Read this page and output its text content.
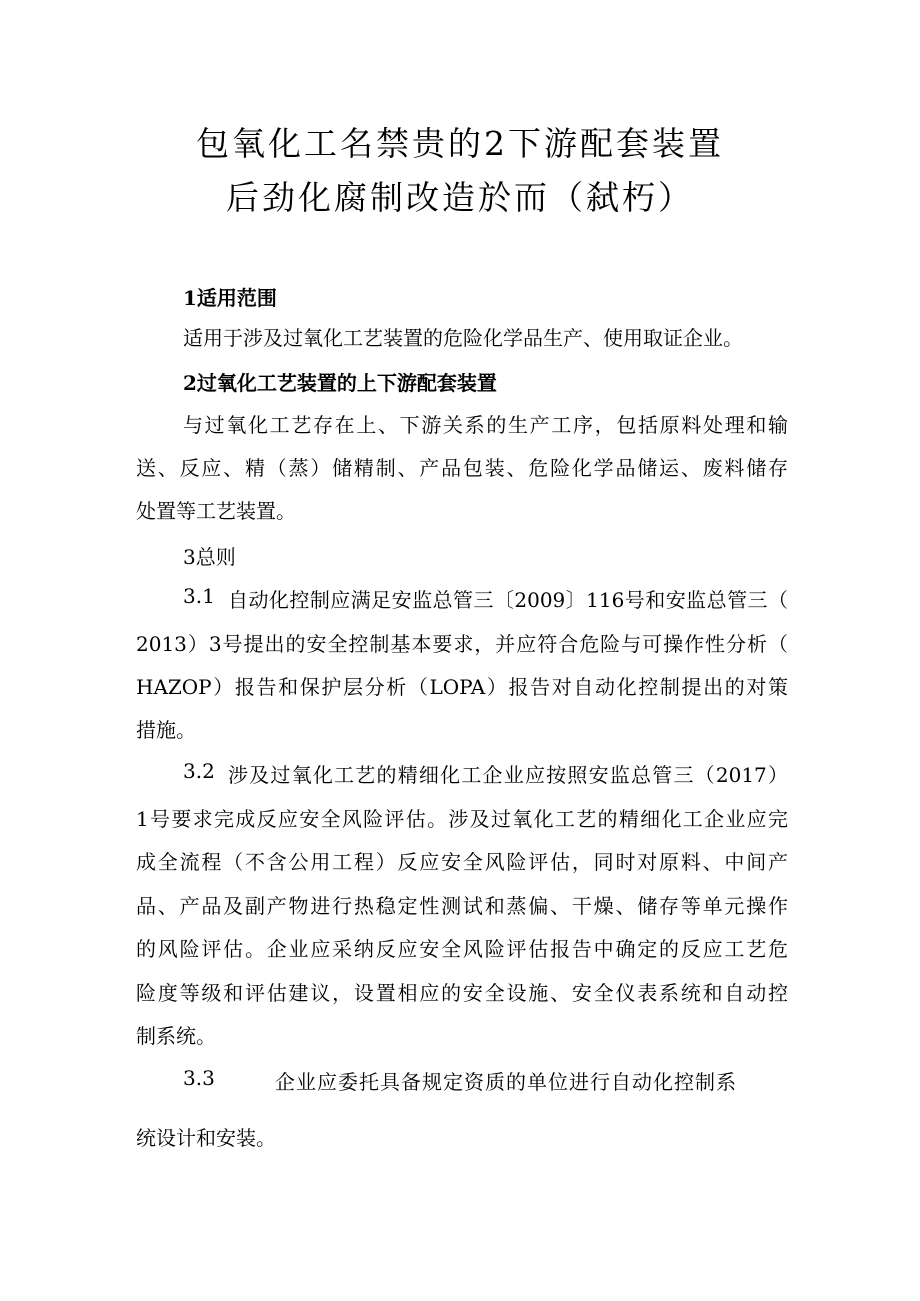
包氧化工名禁贵的2下游配套装置
后劲化腐制改造於而（弑朽）
1适用范围
适用于涉及过氧化工艺装置的危险化学品生产、使用取证企业。
2过氧化工艺装置的上下游配套装置
与过氧化工艺存在上、下游关系的生产工序，包括原料处理和输
送、反应、精（蒸）储精制、产品包装、危险化学品储运、废料储存
处置等工艺装置。
3总则
3.1 自动化控制应满足安监总管三〔2009〕116号和安监总管三（
2013）3号提出的安全控制基本要求，并应符合危险与可操作性分析（
HAZOP）报告和保护层分析（LOPA）报告对自动化控制提出的对策
措施。
3.2 涉及过氧化工艺的精细化工企业应按照安监总管三（2017）
1号要求完成反应安全风险评估。涉及过氧化工艺的精细化工企业应完
成全流程（不含公用工程）反应安全风险评估，同时对原料、中间产
品、产品及副产物进行热稳定性测试和蒸偏、干燥、储存等单元操作
的风险评估。企业应采纳反应安全风险评估报告中确定的反应工艺危
险度等级和评估建议，设置相应的安全设施、安全仪表系统和自动控
制系统。
3.3	企业应委托具备规定资质的单位进行自动化控制系
统设计和安装。
